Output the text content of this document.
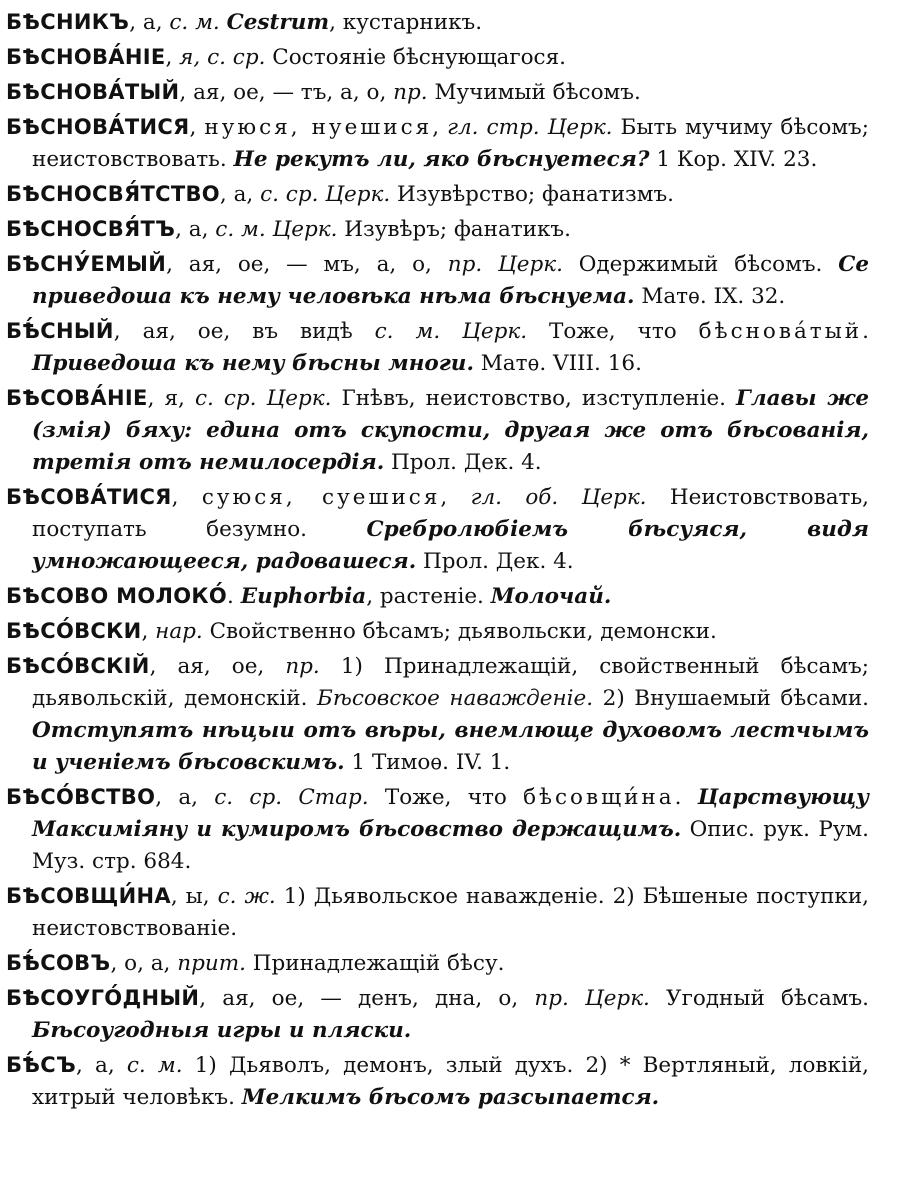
БѢСНИКЪ, а, с. м. Cestrum, кустарникъ.

БѢСНОВА́НІЕ, я, с. ср. Состояніе бѣснующагося.

БѢСНОВА́ТЫЙ, ая, ое, — тъ, а, о, пр. Мучимый бѣсомъ.

БѢСНОВА́ТИСЯ, нуюся, нуешися, гл. стр. Церк. Быть мучиму бѣсомъ; неистовствовать. Не рекутъ ли, яко бѣснуетеся? 1 Кор. XIV. 23.

БѢСНОСВЯ́ТСТВО, а, с. ср. Церк. Изувѣрство; фанатизмъ.

БѢСНОСВЯ́ТЪ, а, с. м. Церк. Изувѣръ; фанатикъ.

БѢСНУ́ЕМЫЙ, ая, ое, — мъ, а, о, пр. Церк. Одержимый бѣсомъ. Се приведоша къ нему человѣка нѣма бѣснуема. Матѳ. IX. 32.

БѢ́СНЫЙ, ая, ое, въ видѣ с. м. Церк. Тоже, что бѣснова́тый. Приведоша къ нему бѣсны многи. Матѳ. VIII. 16.

БѢСОВА́НІЕ, я, с. ср. Церк. Гнѣвъ, неистовство, изступленіе. Главы же (змія) бяху: едина отъ скупости, другая же отъ бѣсованія, третія отъ немилосердія. Прол. Дек. 4.

БѢСОВА́ТИСЯ, суюся, суешися, гл. об. Церк. Неистовствовать, поступать безумно. Сребролюбіемъ бѣсуяся, видя умножающееся, радовашеся. Прол. Дек. 4.

БѢСОВО МОЛОКО́. Euphorbia, растеніе. Молочай.

БѢСО́ВСКИ, нар. Свойственно бѣсамъ; дьявольски, демонски.

БѢСО́ВСКІЙ, ая, ое, пр. 1) Принадлежащій, свойственный бѣсамъ; дьявольскій, демонскій. Бѣсовское наважденіе. 2) Внушаемый бѣсами. Отступятъ нѣцыи отъ вѣры, внемлюще духовомъ лестчымъ и ученіемъ бѣсовскимъ. 1 Тимоѳ. IV. 1.

БѢСО́ВСТВО, а, с. ср. Стар. Тоже, что бѣсовщи́на. Царствующу Максиміяну и кумиромъ бѣсовство держащимъ. Опис. рук. Рум. Муз. стр. 684.

БѢСОВЩИ́НА, ы, с. ж. 1) Дьявольское наважденіе. 2) Бѣшеные поступки, неистовствованіе.

БѢ́СОВЪ, о, а, прит. Принадлежащій бѣсу.

БѢСОУГО́ДНЫЙ, ая, ое, — денъ, дна, о, пр. Церк. Угодный бѣсамъ. Бѣсоугодныя игры и пляски.

БѢ́СЪ, а, с. м. 1) Дьяволъ, демонъ, злый духъ. 2) * Вертляный, ловкій, хитрый человѣкъ. Мелкимъ бѣсомъ разсыпается.
